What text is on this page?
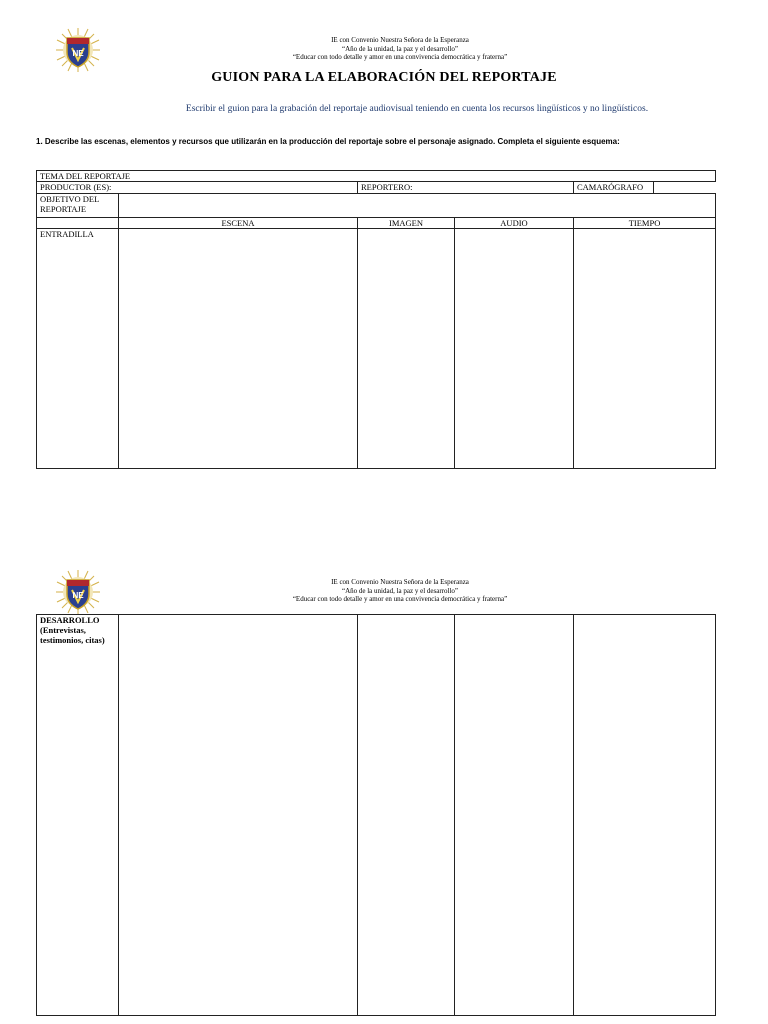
NE
IE con Convenio Nuestra Señora de la Esperanza
“Año de la unidad, la paz y el desarrollo”
“Educar con todo detalle y amor en una convivencia democrática y fraterna”
GUION PARA LA ELABORACIÓN DEL REPORTAJE
Escribir el guion para la grabación del reportaje audiovisual teniendo en cuenta los recursos lingüísticos y no lingüísticos.
1. Describe las escenas, elementos y recursos que utilizarán en la producción del reportaje sobre el personaje asignado. Completa el siguiente esquema:
TEMA DEL REPORTAJE					
PRODUCTOR (ES):		REPORTERO:		CAMARÓGRAFO	
OBJETIVO DEL REPORTAJE					
	ESCENA	IMAGEN	AUDIO	TIEMPO	
ENTRADILLA					
NE
IE con Convenio Nuestra Señora de la Esperanza
“Año de la unidad, la paz y el desarrollo”
“Educar con todo detalle y amor en una convivencia democrática y fraterna”
DESARROLLO (Entrevistas, testimonios, citas)				
